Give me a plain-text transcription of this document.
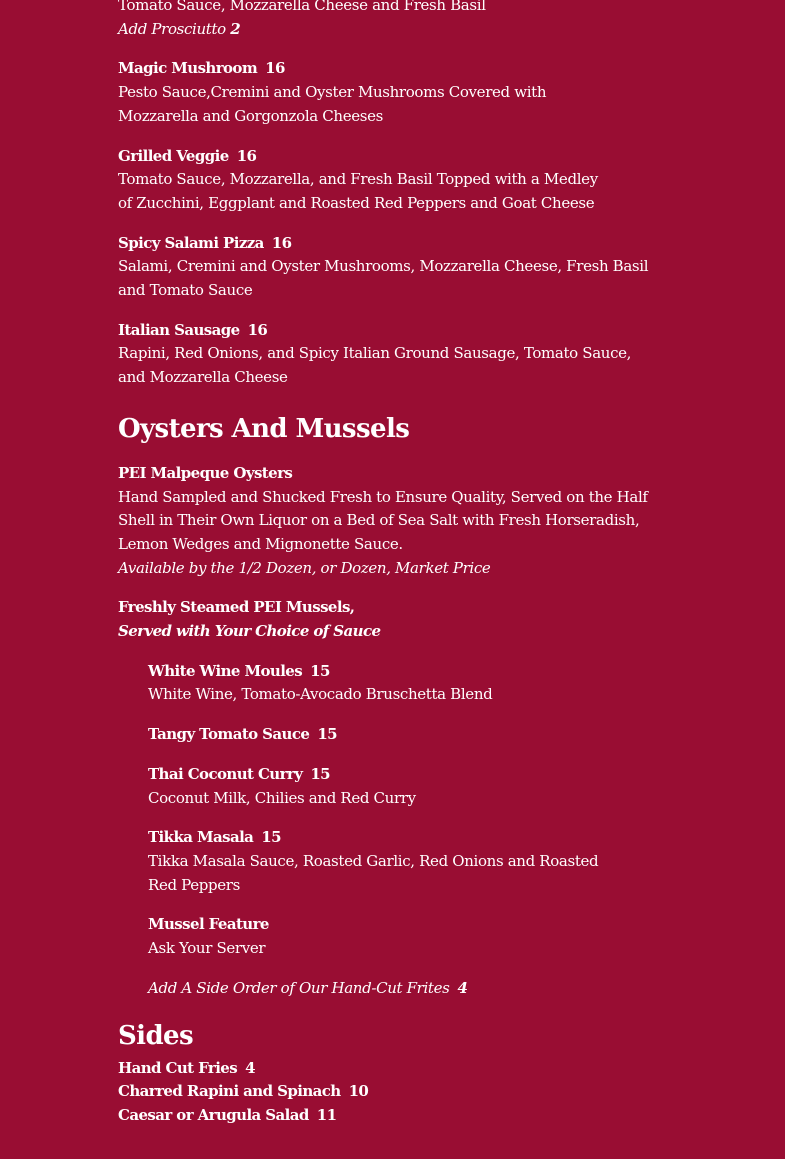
Tomato Sauce, Mozzarella Cheese and Fresh Basil
Add Prosciutto 2
Magic Mushroom 16
Pesto Sauce,Cremini and Oyster Mushrooms Covered with Mozzarella and Gorgonzola Cheeses
Grilled Veggie 16
Tomato Sauce, Mozzarella, and Fresh Basil Topped with a Medley of Zucchini, Eggplant and Roasted Red Peppers and Goat Cheese
Spicy Salami Pizza 16
Salami, Cremini and Oyster Mushrooms, Mozzarella Cheese, Fresh Basil and Tomato Sauce
Italian Sausage 16
Rapini, Red Onions, and Spicy Italian Ground Sausage, Tomato Sauce, and Mozzarella Cheese
Oysters And Mussels
PEI Malpeque Oysters
Hand Sampled and Shucked Fresh to Ensure Quality, Served on the Half Shell in Their Own Liquor on a Bed of Sea Salt with Fresh Horseradish, Lemon Wedges and Mignonette Sauce.
Available by the 1/2 Dozen, or Dozen, Market Price
Freshly Steamed PEI Mussels,
Served with Your Choice of Sauce
White Wine Moules 15
White Wine, Tomato-Avocado Bruschetta Blend
Tangy Tomato Sauce 15
Thai Coconut Curry 15
Coconut Milk, Chilies and Red Curry
Tikka Masala 15
Tikka Masala Sauce, Roasted Garlic, Red Onions and Roasted Red Peppers
Mussel Feature
Ask Your Server
Add A Side Order of Our Hand-Cut Frites 4
Sides
Hand Cut Fries 4
Charred Rapini and Spinach 10
Caesar or Arugula Salad 11
